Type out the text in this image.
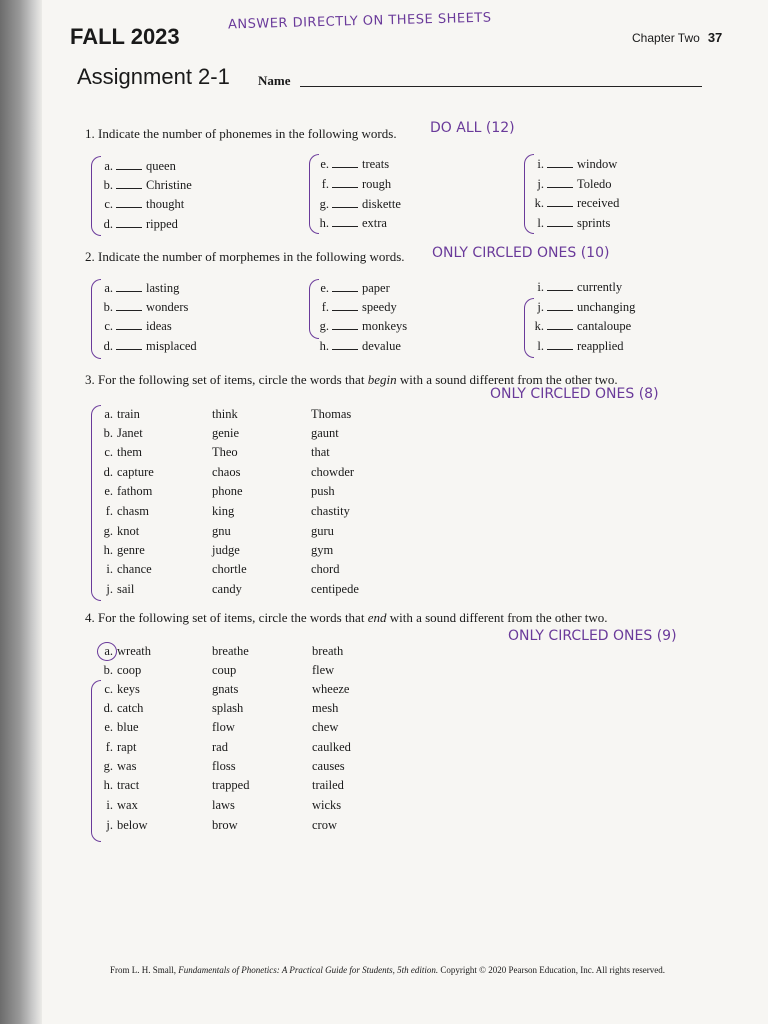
FALL 2023
ANSWER DIRECTLY ON THESE SHEETS
Chapter Two 37
Assignment 2-1 Name
1. Indicate the number of phonemes in the following words. DO ALL (12)
a.	queen
b.	Christine
c.	thought
d.	ripped
e.	treats
f.	rough
g.	diskette
h.	extra
i.	window
j.	Toledo
k.	received
l.	sprints
2. Indicate the number of morphemes in the following words. ONLY CIRCLED ONES (10)
a.	lasting
b.	wonders
c.	ideas
d.	misplaced
e.	paper
f.	speedy
g.	monkeys
h.	devalue
i.	currently
j.	unchanging
k.	cantaloupe
l.	reapplied
3. For the following set of items, circle the words that begin with a sound different from the other two.
ONLY CIRCLED ONES (8)
a. train	think	Thomas
b. Janet	genie	gaunt
c. them	Theo	that
d. capture	chaos	chowder
e. fathom	phone	push
f. chasm	king	chastity
g. knot	gnu	guru
h. genre	judge	gym
i. chance	chortle	chord
j. sail	candy	centipede
4. For the following set of items, circle the words that end with a sound different from the other two.
ONLY CIRCLED ONES (9)
a. wreath	breathe	breath
b. coop	coup	flew
c. keys	gnats	wheeze
d. catch	splash	mesh
e. blue	flow	chew
f. rapt	rad	caulked
g. was	floss	causes
h. tract	trapped	trailed
i. wax	laws	wicks
j. below	brow	crow
From L. H. Small, Fundamentals of Phonetics: A Practical Guide for Students, 5th edition. Copyright © 2020 Pearson Education, Inc. All rights reserved.
